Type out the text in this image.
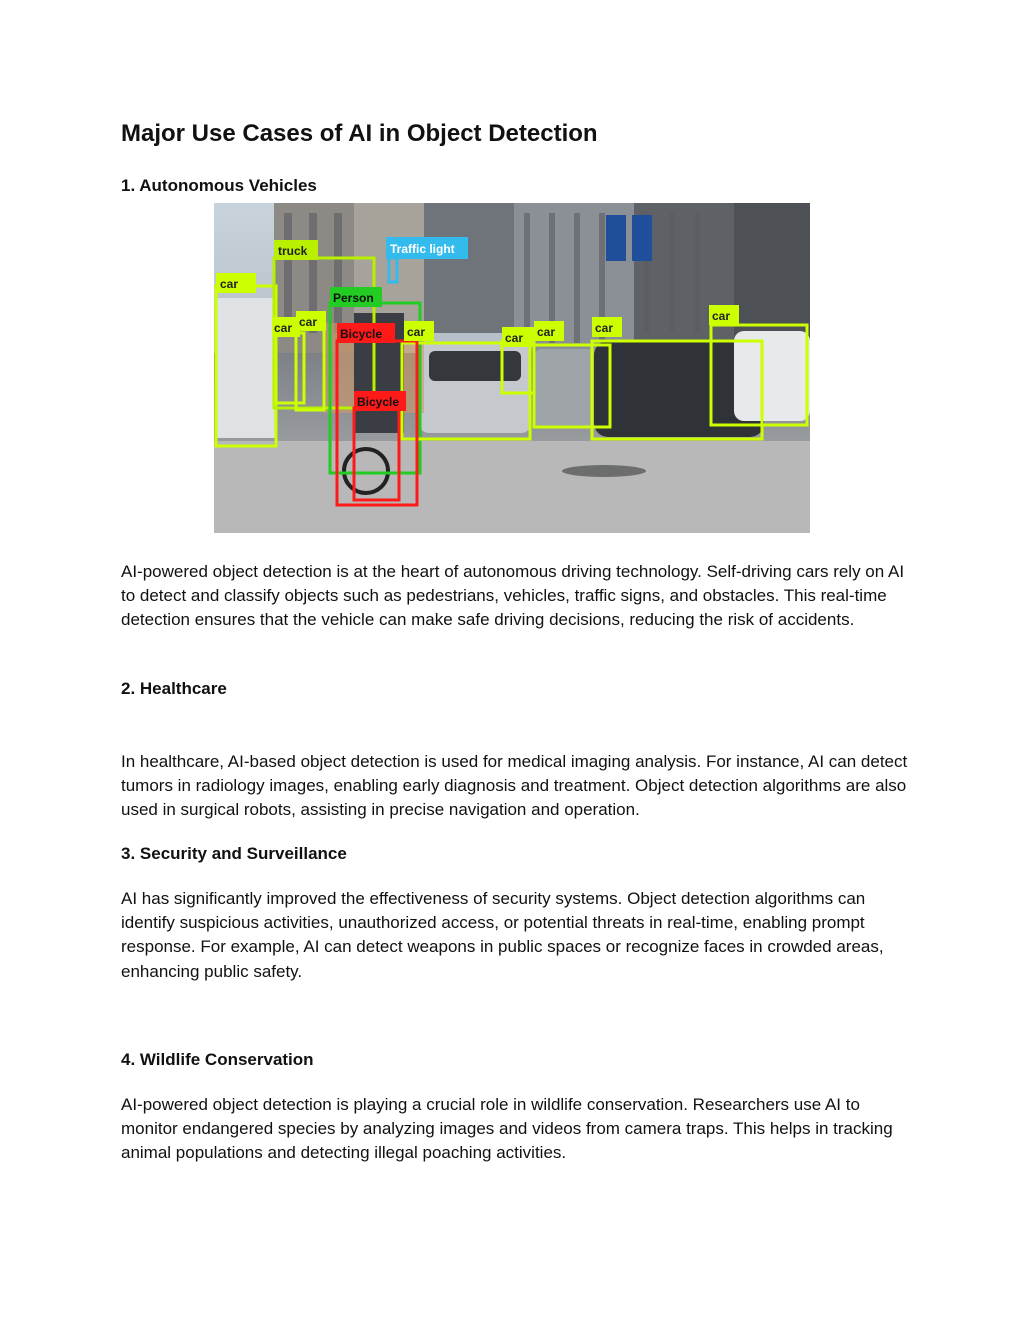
Major Use Cases of AI in Object Detection
1. Autonomous Vehicles
car
truck	Traffic light
Person
car car
Bicycle car	car car	car
car
Bicycle

AI-powered object detection is at the heart of autonomous driving technology. Self-driving cars rely on AI to detect and classify objects such as pedestrians, vehicles, traffic signs, and obstacles. This real-time detection ensures that the vehicle can make safe driving decisions, reducing the risk of accidents.

2. Healthcare

In healthcare, AI-based object detection is used for medical imaging analysis. For instance, AI can detect tumors in radiology images, enabling early diagnosis and treatment. Object detection algorithms are also used in surgical robots, assisting in precise navigation and operation.

3. Security and Surveillance

AI has significantly improved the effectiveness of security systems. Object detection algorithms can identify suspicious activities, unauthorized access, or potential threats in real-time, enabling prompt response. For example, AI can detect weapons in public spaces or recognize faces in crowded areas, enhancing public safety.

4. Wildlife Conservation

AI-powered object detection is playing a crucial role in wildlife conservation. Researchers use AI to monitor endangered species by analyzing images and videos from camera traps. This helps in tracking animal populations and detecting illegal poaching activities.
